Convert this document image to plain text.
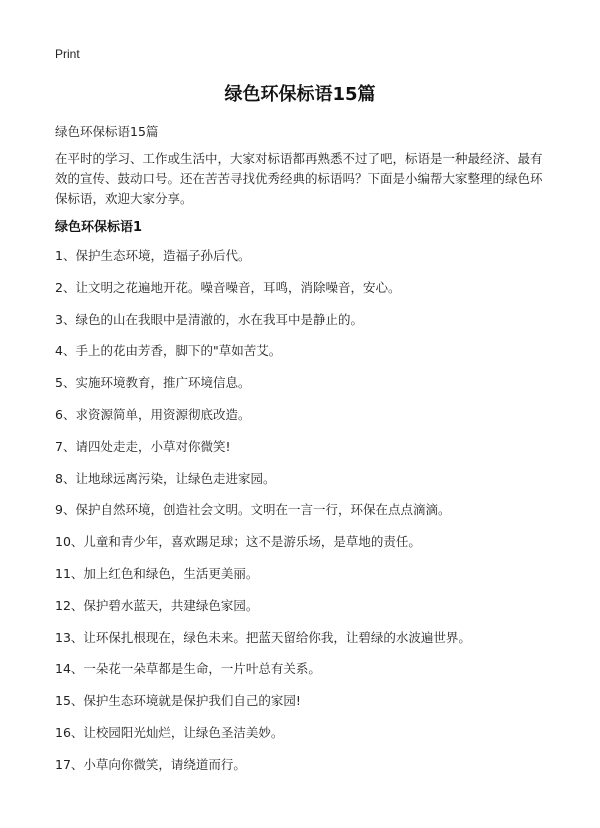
Print
绿色环保标语15篇
绿色环保标语15篇
在平时的学习、工作或生活中，大家对标语都再熟悉不过了吧，标语是一种最经济、最有效的宣传、鼓动口号。还在苦苦寻找优秀经典的标语吗？下面是小编帮大家整理的绿色环保标语，欢迎大家分享。
绿色环保标语1
1、保护生态环境，造福子孙后代。
2、让文明之花遍地开花。噪音噪音，耳鸣，消除噪音，安心。
3、绿色的山在我眼中是清澈的，水在我耳中是静止的。
4、手上的花由芳香，脚下的"草如苦艾。
5、实施环境教育，推广环境信息。
6、求资源简单，用资源彻底改造。
7、请四处走走，小草对你微笑!
8、让地球远离污染，让绿色走进家园。
9、保护自然环境，创造社会文明。文明在一言一行，环保在点点滴滴。
10、儿童和青少年，喜欢踢足球；这不是游乐场，是草地的责任。
11、加上红色和绿色，生活更美丽。
12、保护碧水蓝天，共建绿色家园。
13、让环保扎根现在，绿色未来。把蓝天留给你我，让碧绿的水波遍世界。
14、一朵花一朵草都是生命，一片叶总有关系。
15、保护生态环境就是保护我们自己的家园!
16、让校园阳光灿烂，让绿色圣洁美妙。
17、小草向你微笑，请绕道而行。
